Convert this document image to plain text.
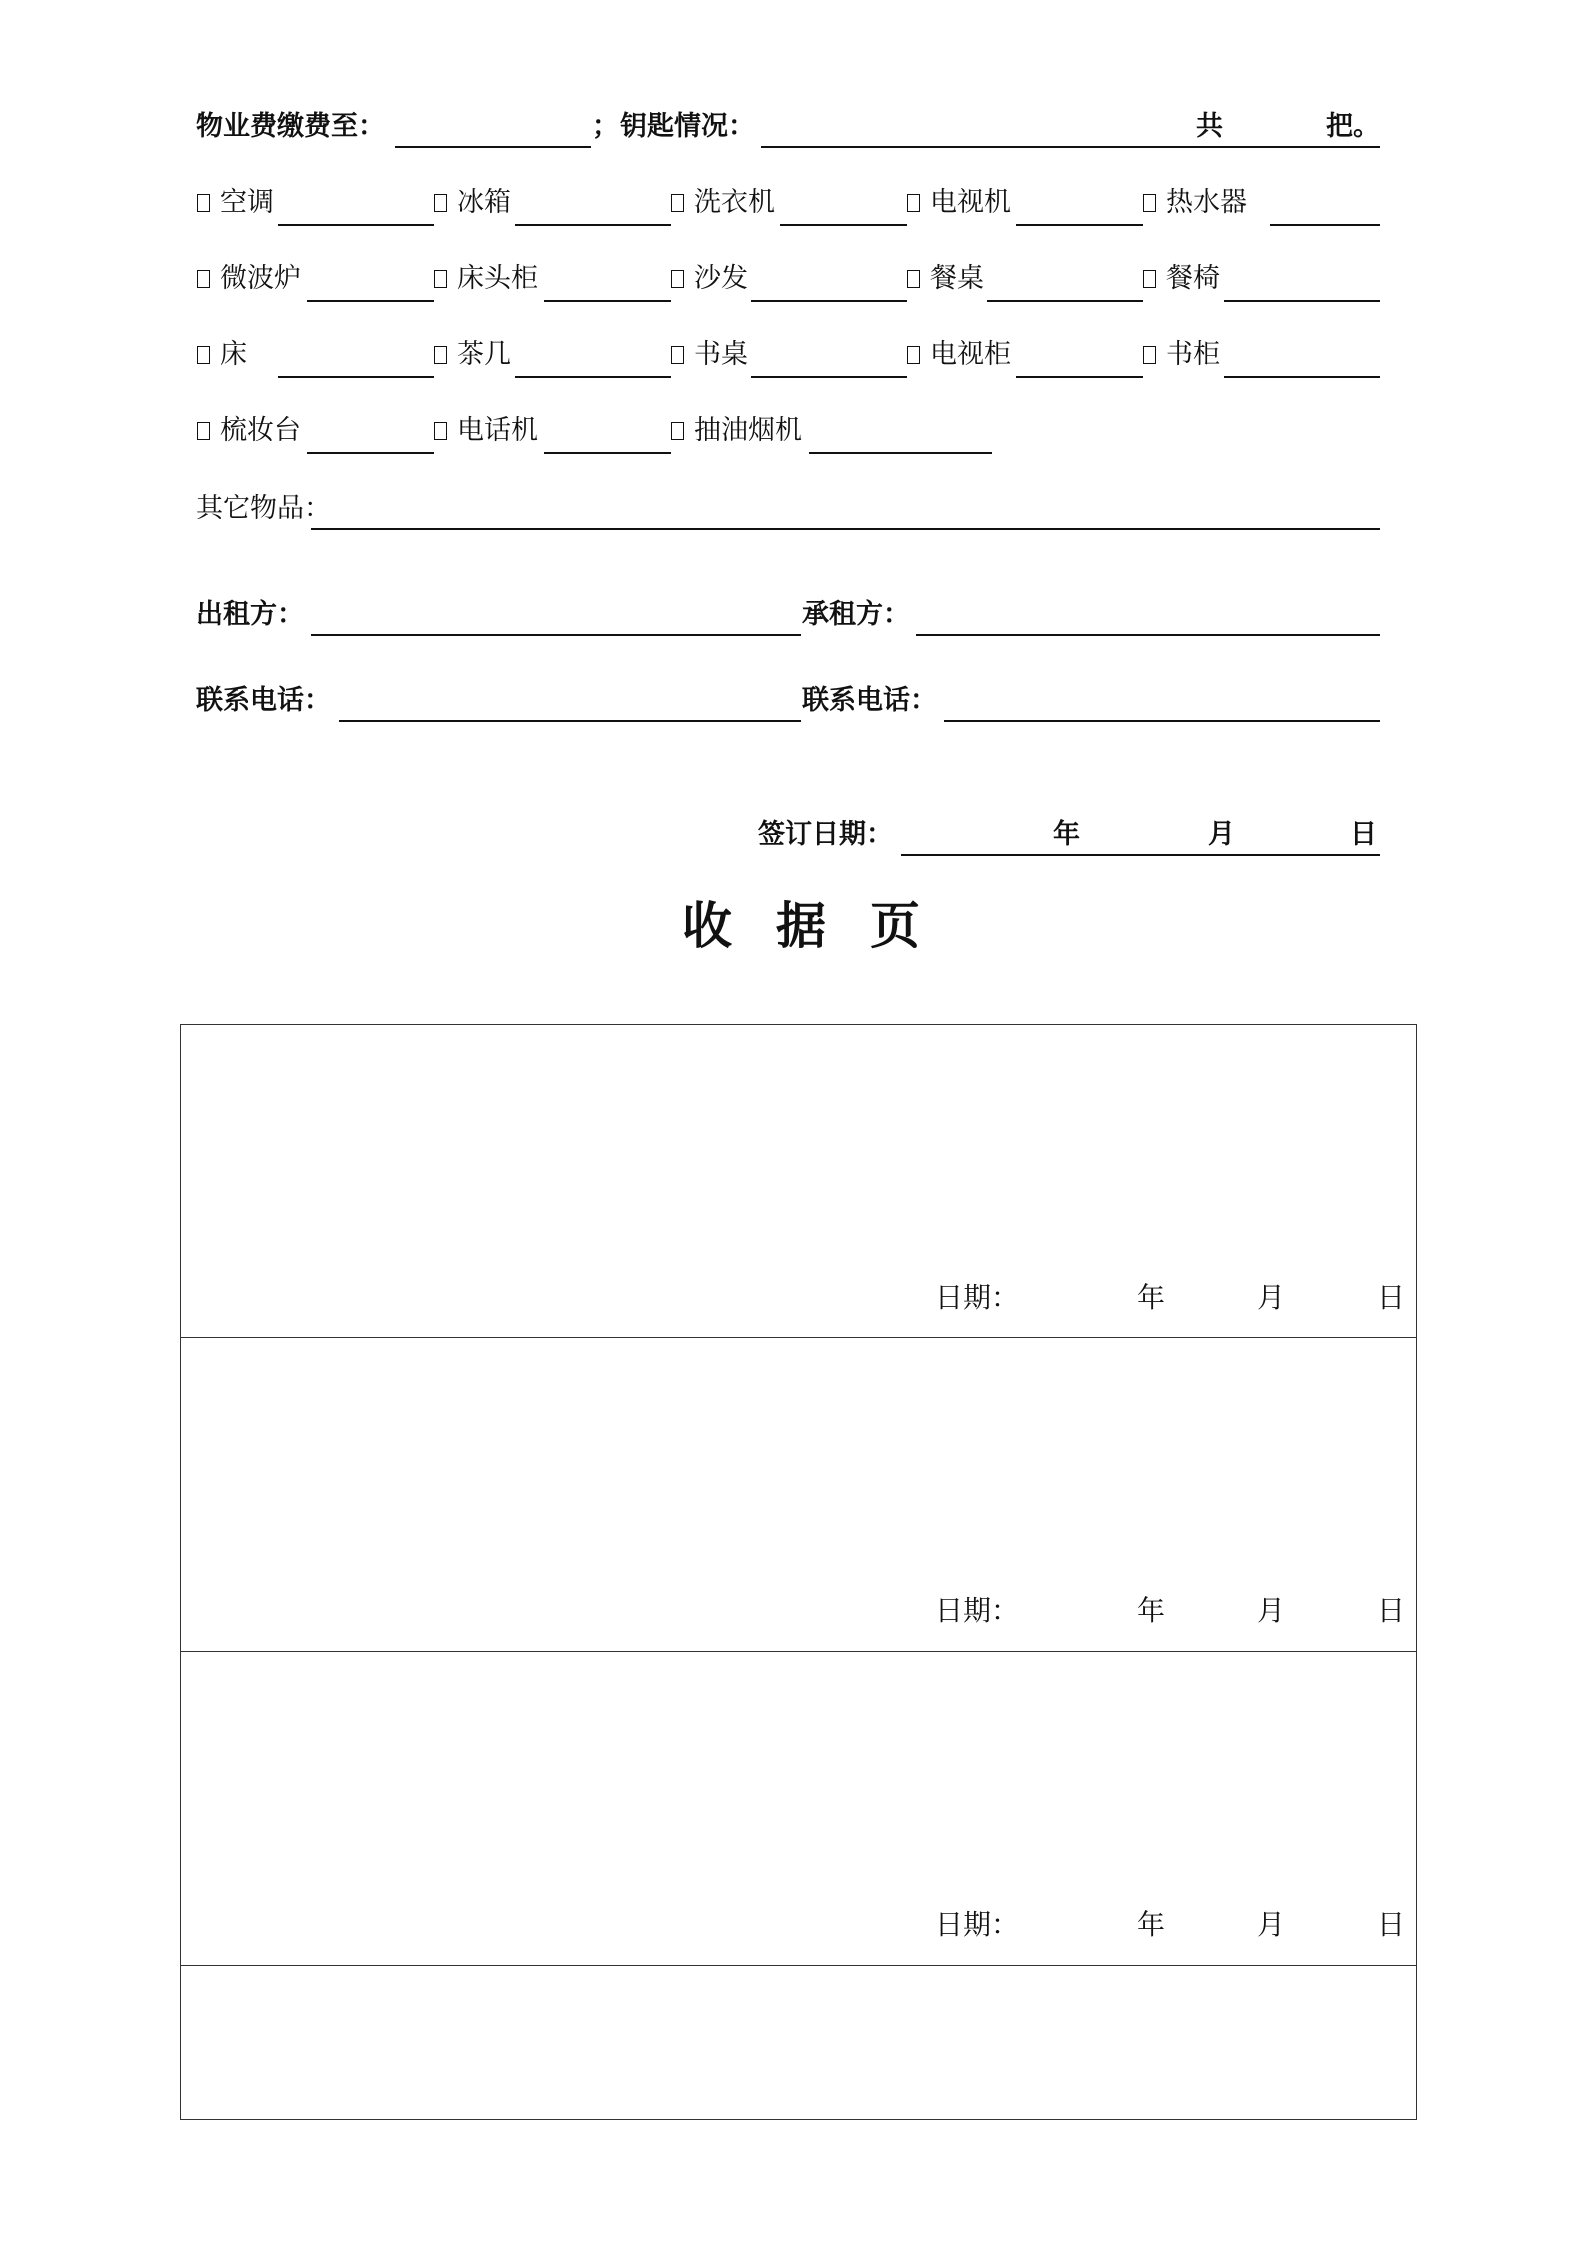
物业费缴费至：	； 钥匙情况：	共	把。
空调	冰箱	洗衣机	电视机	热水器
微波炉	床头柜	沙发	餐桌	餐椅
床	茶几	书桌	电视柜	书柜
梳妆台	电话机	抽油烟机
其它物品：
出租方：	承租方：
联系电话：	联系电话：
签订日期：	年	月	日
收据页
日期：	年	月	日
日期：	年	月	日
日期：	年	月	日
